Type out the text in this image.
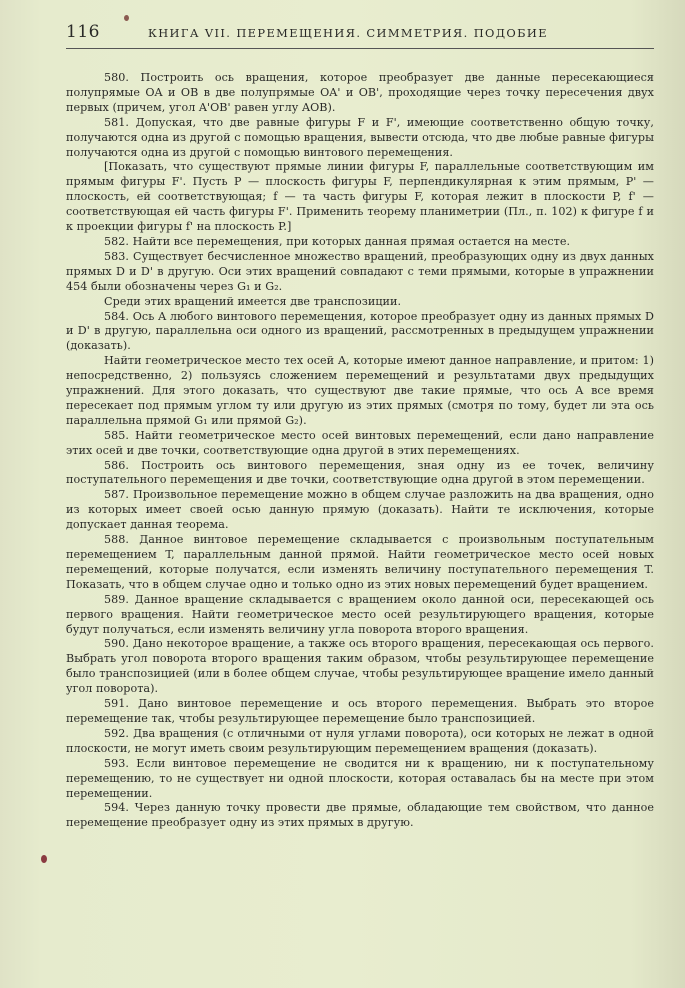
116	КНИГА VII. ПЕРЕМЕЩЕНИЯ. СИММЕТРИЯ. ПОДОБИЕ

580. Построить ось вращения, которое преобразует две данные пересекающиеся полупрямые OA и OB в две полупрямые OA' и OB', проходящие через точку пересечения двух первых (причем, угол A'OB' равен углу AOB).

581. Допуская, что две равные фигуры F и F', имеющие соответственно общую точку, получаются одна из другой с помощью вращения, вывести отсюда, что две любые равные фигуры получаются одна из другой с помощью винтового перемещения.

[Показать, что существуют прямые линии фигуры F, параллельные соответствующим им прямым фигуры F'. Пусть P — плоскость фигуры F, перпендикулярная к этим прямым, P' — плоскость, ей соответствующая; f — та часть фигуры F, которая лежит в плоскости P, f' — соответствующая ей часть фигуры F'. Применить теорему планиметрии (Пл., п. 102) к фигуре f и к проекции фигуры f' на плоскость P.]

582. Найти все перемещения, при которых данная прямая остается на месте.

583. Существует бесчисленное множество вращений, преобразующих одну из двух данных прямых D и D' в другую. Оси этих вращений совпадают с теми прямыми, которые в упражнении 454 были обозначены через G₁ и G₂.

Среди этих вращений имеется две транспозиции.

584. Ось A любого винтового перемещения, которое преобразует одну из данных прямых D и D' в другую, параллельна оси одного из вращений, рассмотренных в предыдущем упражнении (доказать).

Найти геометрическое место тех осей A, которые имеют данное направление, и притом: 1) непосредственно, 2) пользуясь сложением перемещений и результатами двух предыдущих упражнений. Для этого доказать, что существуют две такие прямые, что ось A все время пересекает под прямым углом ту или другую из этих прямых (смотря по тому, будет ли эта ось параллельна прямой G₁ или прямой G₂).

585. Найти геометрическое место осей винтовых перемещений, если дано направление этих осей и две точки, соответствующие одна другой в этих перемещениях.

586. Построить ось винтового перемещения, зная одну из ее точек, величину поступательного перемещения и две точки, соответствующие одна другой в этом перемещении.

587. Произвольное перемещение можно в общем случае разложить на два вращения, одно из которых имеет своей осью данную прямую (доказать). Найти те исключения, которые допускает данная теорема.

588. Данное винтовое перемещение складывается с произвольным поступательным перемещением T, параллельным данной прямой. Найти геометрическое место осей новых перемещений, которые получатся, если изменять величину поступательного перемещения T. Показать, что в общем случае одно и только одно из этих новых перемещений будет вращением.

589. Данное вращение складывается с вращением около данной оси, пересекающей ось первого вращения. Найти геометрическое место осей результирующего вращения, которые будут получаться, если изменять величину угла поворота второго вращения.

590. Дано некоторое вращение, а также ось второго вращения, пересекающая ось первого. Выбрать угол поворота второго вращения таким образом, чтобы результирующее перемещение было транспозицией (или в более общем случае, чтобы результирующее вращение имело данный угол поворота).

591. Дано винтовое перемещение и ось второго перемещения. Выбрать это второе перемещение так, чтобы результирующее перемещение было транспозицией.

592. Два вращения (с отличными от нуля углами поворота), оси которых не лежат в одной плоскости, не могут иметь своим результирующим перемещением вращения (доказать).

593. Если винтовое перемещение не сводится ни к вращению, ни к поступательному перемещению, то не существует ни одной плоскости, которая оставалась бы на месте при этом перемещении.

594. Через данную точку провести две прямые, обладающие тем свойством, что данное перемещение преобразует одну из этих прямых в другую.
